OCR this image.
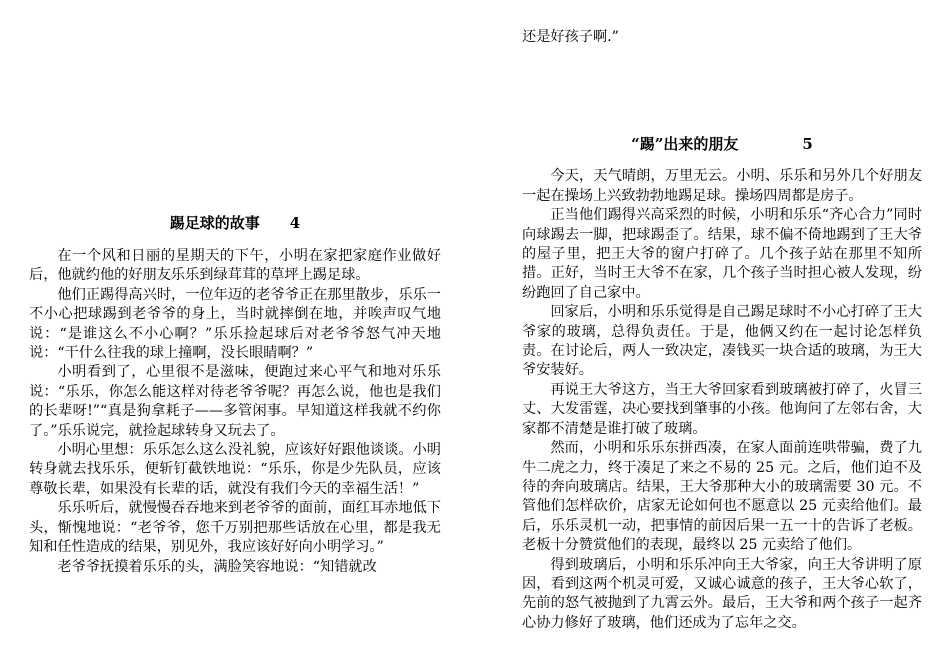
踢足球的故事 4

在一个风和日丽的星期天的下午，小明在家把家庭作业做好后，他就约他的好朋友乐乐到绿茸茸的草坪上踢足球。

他们正踢得高兴时，一位年迈的老爷爷正在那里散步，乐乐一不小心把球踢到老爷爷的身上，当时就摔倒在地，并唉声叹气地说：“是谁这么不小心啊？”乐乐捡起球后对老爷爷怒气冲天地说：“干什么往我的球上撞啊，没长眼睛啊？”

小明看到了，心里很不是滋味，便跑过来心平气和地对乐乐说：“乐乐，你怎么能这样对待老爷爷呢？再怎么说，他也是我们的长辈呀!”“真是狗拿耗子——多管闲事。早知道这样我就不约你了。”乐乐说完，就捡起球转身又玩去了。

小明心里想：乐乐怎么这么没礼貌，应该好好跟他谈谈。小明转身就去找乐乐，便斩钉截铁地说：“乐乐，你是少先队员，应该尊敬长辈，如果没有长辈的话，就没有我们今天的幸福生活！”

乐乐听后，就慢慢吞吞地来到老爷爷的面前，面红耳赤地低下头，惭愧地说：“老爷爷，您千万别把那些话放在心里，都是我无知和任性造成的结果，别见外，我应该好好向小明学习。”

老爷爷抚摸着乐乐的头，满脸笑容地说：“知错就改

还是好孩子啊.”

“踢”出来的朋友	5

今天，天气晴朗，万里无云。小明、乐乐和另外几个好朋友一起在操场上兴致勃勃地踢足球。操场四周都是房子。

正当他们踢得兴高采烈的时候，小明和乐乐“齐心合力”同时向球踢去一脚，把球踢歪了。结果，球不偏不倚地踢到了王大爷的屋子里，把王大爷的窗户打碎了。几个孩子站在那里不知所措。正好，当时王大爷不在家，几个孩子当时担心被人发现，纷纷跑回了自己家中。

回家后，小明和乐乐觉得是自己踢足球时不小心打碎了王大爷家的玻璃，总得负责任。于是，他俩又约在一起讨论怎样负责。在讨论后，两人一致决定，凑钱买一块合适的玻璃，为王大爷安装好。

再说王大爷这方，当王大爷回家看到玻璃被打碎了，火冒三丈、大发雷霆，决心要找到肇事的小孩。他询问了左邻右舍，大家都不清楚是谁打破了玻璃。

然而，小明和乐乐东拼西凑，在家人面前连哄带骗，费了九牛二虎之力，终于凑足了来之不易的 25 元。之后，他们迫不及待的奔向玻璃店。结果，王大爷那种大小的玻璃需要 30 元。不管他们怎样砍价，店家无论如何也不愿意以 25 元卖给他们。最后，乐乐灵机一动，把事情的前因后果一五一十的告诉了老板。老板十分赞赏他们的表现，最终以 25 元卖给了他们。

得到玻璃后，小明和乐乐冲向王大爷家，向王大爷讲明了原因，看到这两个机灵可爱，又诚心诚意的孩子，王大爷心软了，先前的怒气被抛到了九霄云外。最后，王大爷和两个孩子一起齐心协力修好了玻璃，他们还成为了忘年之交。
